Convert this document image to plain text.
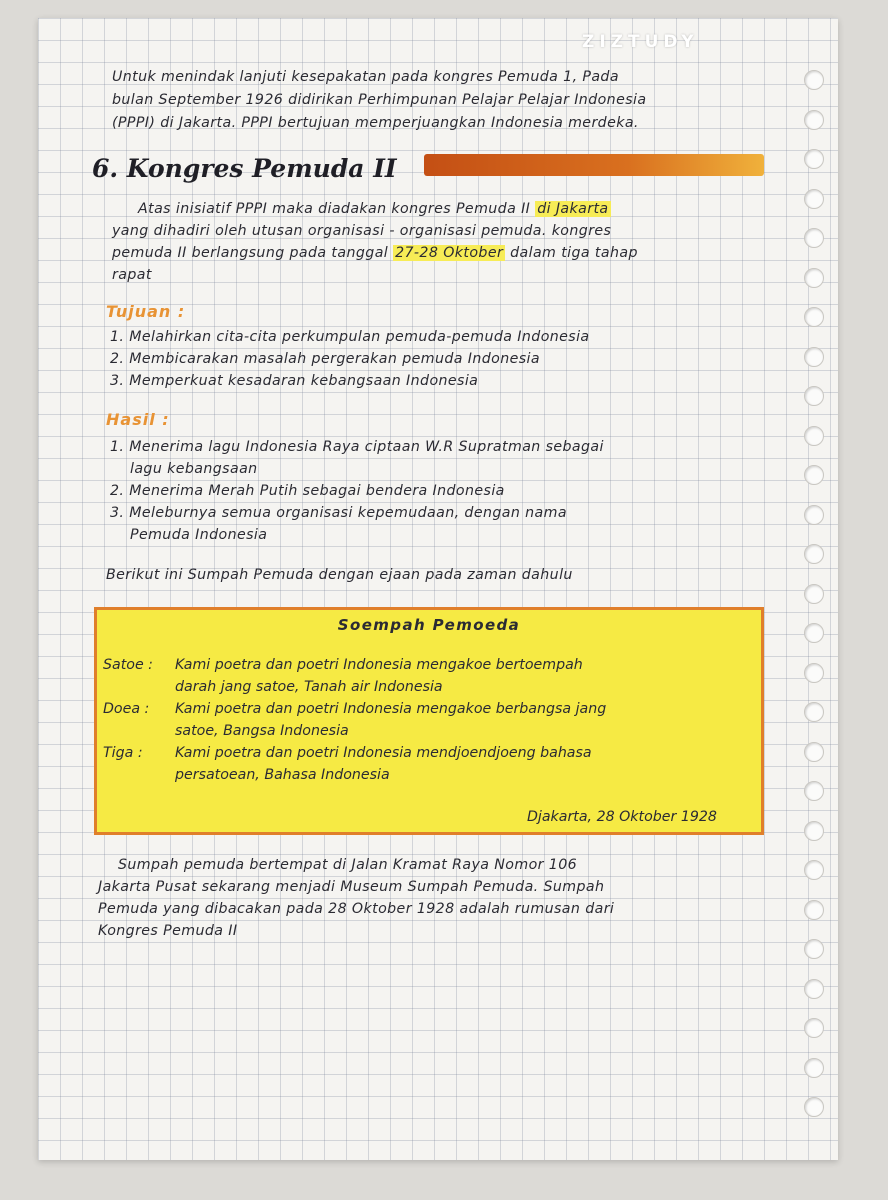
ZIZTUDY
Untuk menindak lanjuti kesepakatan pada kongres Pemuda 1, Pada
bulan September 1926 didirikan Perhimpunan Pelajar Pelajar Indonesia
(PPPI) di Jakarta. PPPI bertujuan memperjuangkan Indonesia merdeka.
6. Kongres Pemuda II
Atas inisiatif PPPI maka diadakan kongres Pemuda II di Jakarta
yang dihadiri oleh utusan organisasi - organisasi pemuda. kongres
pemuda II berlangsung pada tanggal 27-28 Oktober dalam tiga tahap
rapat
Tujuan :
1. Melahirkan cita-cita perkumpulan pemuda-pemuda Indonesia
2. Membicarakan masalah pergerakan pemuda Indonesia
3. Memperkuat kesadaran kebangsaan Indonesia
Hasil :
1. Menerima lagu Indonesia Raya ciptaan W.R Supratman sebagai
lagu kebangsaan
2. Menerima Merah Putih sebagai bendera Indonesia
3. Meleburnya semua organisasi kepemudaan, dengan nama
Pemuda Indonesia
Berikut ini Sumpah Pemuda dengan ejaan pada zaman dahulu
Soempah Pemoeda
Satoe : Kami poetra dan poetri Indonesia mengakoe bertoempah
darah jang satoe, Tanah air Indonesia
Doea : Kami poetra dan poetri Indonesia mengakoe berbangsa jang
satoe, Bangsa Indonesia
Tiga : Kami poetra dan poetri Indonesia mendjoendjoeng bahasa
persatoean, Bahasa Indonesia
Djakarta, 28 Oktober 1928
Sumpah pemuda bertempat di Jalan Kramat Raya Nomor 106
Jakarta Pusat sekarang menjadi Museum Sumpah Pemuda. Sumpah
Pemuda yang dibacakan pada 28 Oktober 1928 adalah rumusan dari
Kongres Pemuda II
